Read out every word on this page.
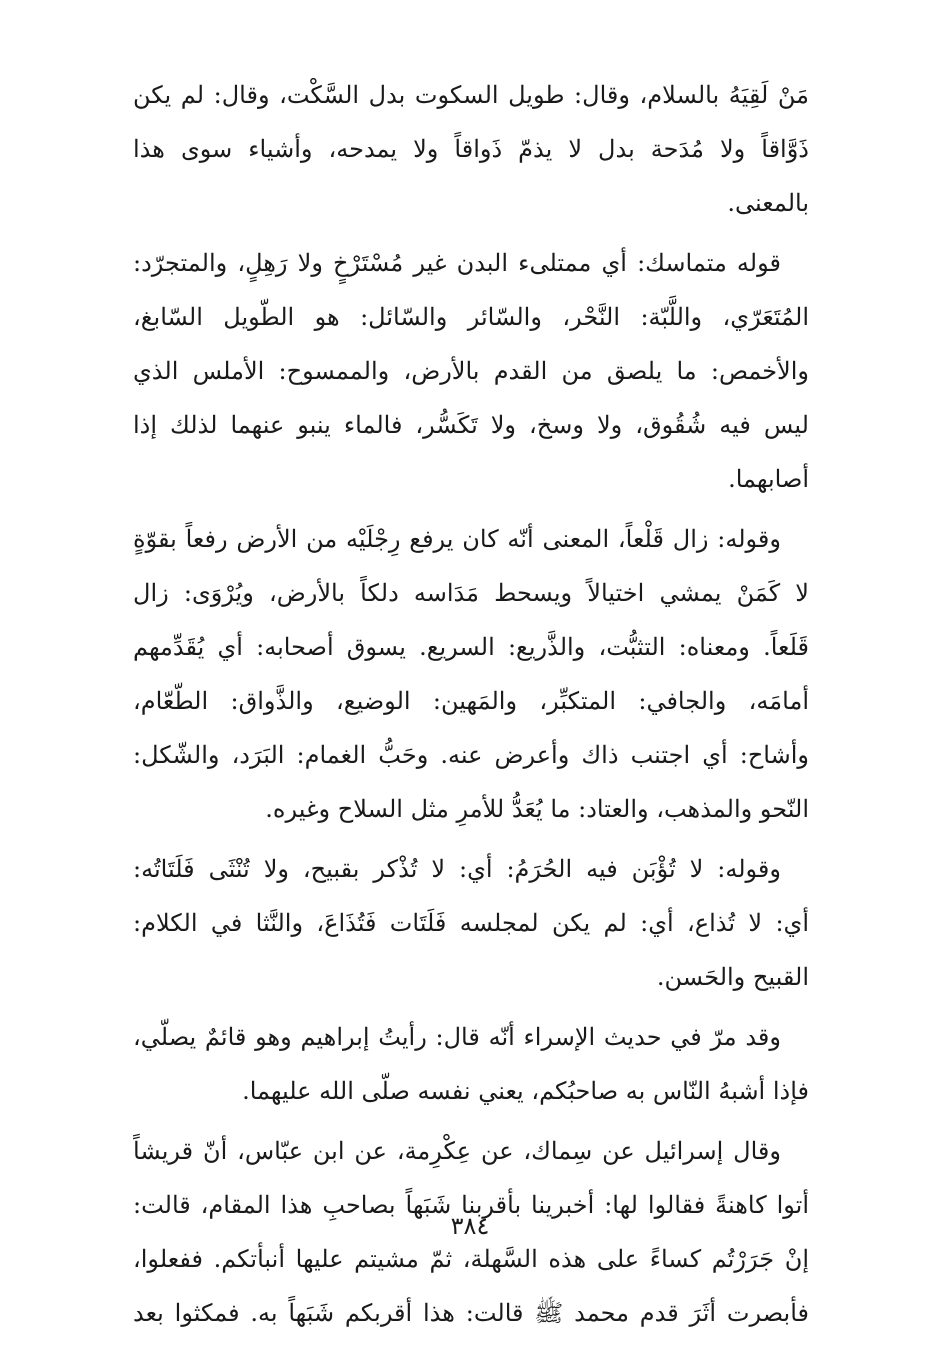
مَنْ لَقِيَهُ بالسلام، وقال: طويل السكوت بدل السَّكْت، وقال: لم يكن
ذَوَّاقاً ولا مُدَحة بدل لا يذمّ ذَواقاً ولا يمدحه، وأشياء سوى هذا
بالمعنى.
قوله متماسك: أي ممتلىء البدن غير مُسْتَرْخٍ ولا رَهِلٍ، والمتجرّد:
المُتَعَرّي، واللَّبّة: النَّحْر، والسّائر والسّائل: هو الطّويل السّابغ،
والأخمص: ما يلصق من القدم بالأرض، والممسوح: الأملس الذي
ليس فيه شُقُوق، ولا وسخ، ولا تَكَسُّر، فالماء ينبو عنهما لذلك إذا
أصابهما.
وقوله: زال قَلْعاً، المعنى أنّه كان يرفع رِجْلَيْه من الأرض رفعاً بقوّةٍ
لا كَمَنْ يمشي اختيالاً ويسحط مَدَاسه دلكاً بالأرض، ويُرْوَى: زال
قَلَعاً. ومعناه: التثبُّت، والذَّريع: السريع. يسوق أصحابه: أي يُقَدِّمهم
أمامَه، والجافي: المتكبِّر، والمَهين: الوضيع، والذَّواق: الطّعّام،
وأشاح: أي اجتنب ذاك وأعرض عنه. وحَبُّ الغمام: البَرَد، والشّكل:
النّحو والمذهب، والعتاد: ما يُعَدُّ للأمرِ مثل السلاح وغيره.
وقوله: لا تُؤْبَن فيه الحُرَمُ: أي: لا تُذْكر بقبيح، ولا تُنْثَى فَلَتَاتُه:
أي: لا تُذاع، أي: لم يكن لمجلسه فَلَتَات فَتُذَاعَ، والنَّثا في الكلام:
القبيح والحَسن.
وقد مرّ في حديث الإسراء أنّه قال: رأيتُ إبراهيم وهو قائمٌ يصلّي،
فإذا أشبهُ النّاس به صاحبُكم، يعني نفسه صلّى الله عليهما.
وقال إسرائيل عن سِماك، عن عِكْرِمة، عن ابن عبّاس، أنّ قريشاً
أتوا كاهنةً فقالوا لها: أخبرينا بأقربنا شَبَهاً بصاحبِ هذا المقام، قالت:
إنْ جَرَرْتُم كساءً على هذه السَّهلة، ثمّ مشيتم عليها أنبأتكم. ففعلوا،
فأبصرت أثَرَ قدم محمد ﷺ قالت: هذا أقربكم شَبَهاً به. فمكثوا بعد
٣٨٤
